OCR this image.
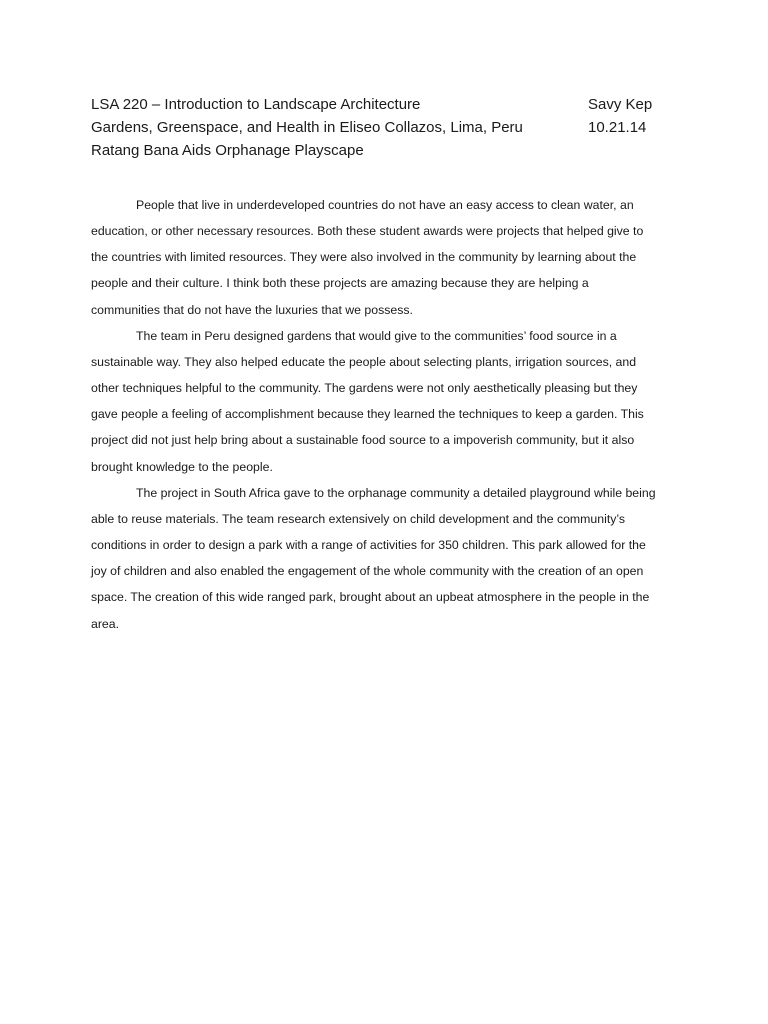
LSA 220 – Introduction to Landscape Architecture	Savy Kep
Gardens, Greenspace, and Health in Eliseo Collazos, Lima, Peru	10.21.14
Ratang Bana Aids Orphanage Playscape

People that live in underdeveloped countries do not have an easy access to clean water, an
education, or other necessary resources. Both these student awards were projects that helped give to
the countries with limited resources. They were also involved in the community by learning about the
people and their culture. I think both these projects are amazing because they are helping a
communities that do not have the luxuries that we possess.

The team in Peru designed gardens that would give to the communities’ food source in a
sustainable way. They also helped educate the people about selecting plants, irrigation sources, and
other techniques helpful to the community. The gardens were not only aesthetically pleasing but they
gave people a feeling of accomplishment because they learned the techniques to keep a garden. This
project did not just help bring about a sustainable food source to a impoverish community, but it also
brought knowledge to the people.

The project in South Africa gave to the orphanage community a detailed playground while being
able to reuse materials. The team research extensively on child development and the community’s
conditions in order to design a park with a range of activities for 350 children. This park allowed for the
joy of children and also enabled the engagement of the whole community with the creation of an open
space. The creation of this wide ranged park, brought about an upbeat atmosphere in the people in the
area.
